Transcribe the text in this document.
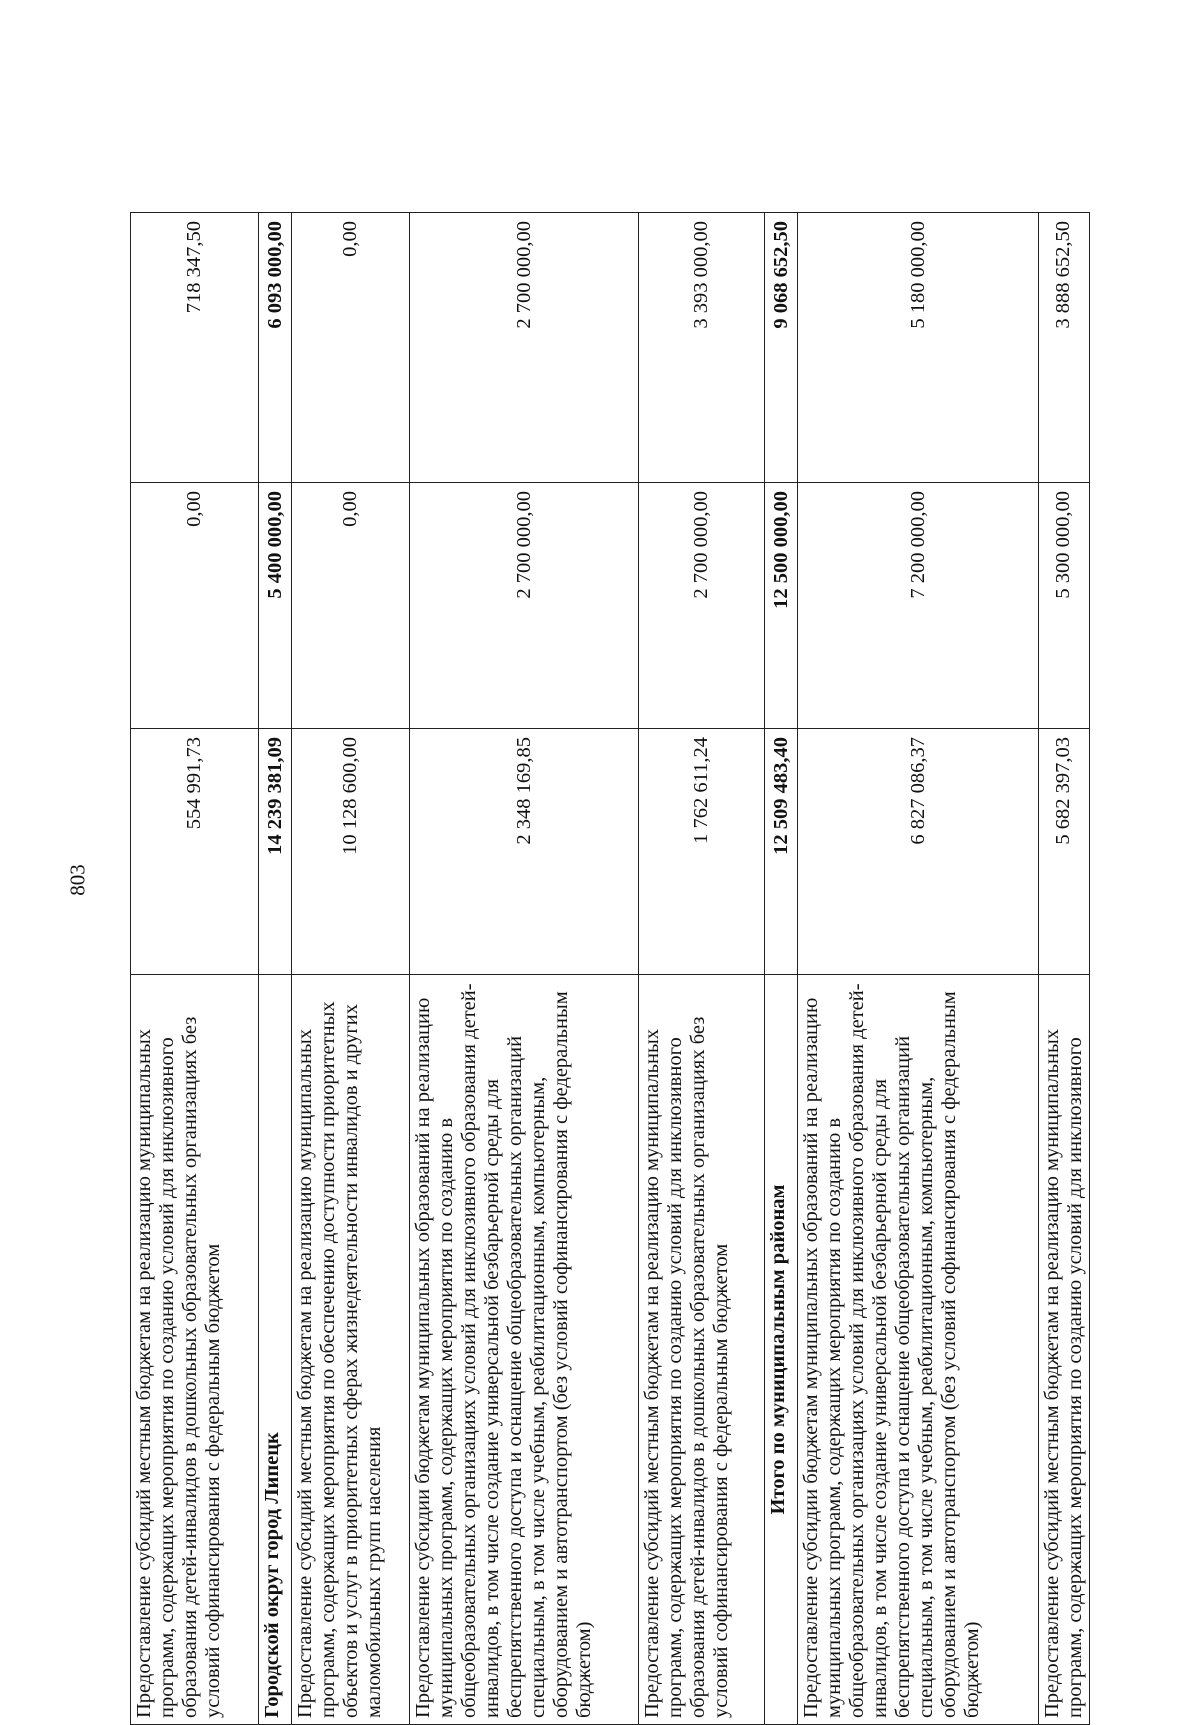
803
Предоставление субсидий местным бюджетам на реализацию муниципальных программ, содержащих мероприятия по созданию условий для инклюзивного образования детей-инвалидов в дошкольных образовательных организациях без условий софинансирования с федеральным бюджетом	554 991,73	0,00	718 347,50
Городской округ город Липецк	14 239 381,09	5 400 000,00	6 093 000,00
Предоставление субсидий местным бюджетам на реализацию муниципальных программ, содержащих мероприятия по обеспечению доступности приоритетных объектов и услуг в приоритетных сферах жизнедеятельности инвалидов и других маломобильных групп населения	10 128 600,00	0,00	0,00
Предоставление субсидии бюджетам муниципальных образований на реализацию муниципальных программ, содержащих мероприятия по созданию в общеобразовательных организациях условий для инклюзивного образования детей-инвалидов, в том числе создание универсальной безбарьерной среды для беспрепятственного доступа и оснащение общеобразовательных организаций специальным, в том числе учебным, реабилитационным, компьютерным, оборудованием и автотранспортом (без условий софинансирования с федеральным бюджетом)	2 348 169,85	2 700 000,00	2 700 000,00
Предоставление субсидий местным бюджетам на реализацию муниципальных программ, содержащих мероприятия по созданию условий для инклюзивного образования детей-инвалидов в дошкольных образовательных организациях без условий софинансирования с федеральным бюджетом	1 762 611,24	2 700 000,00	3 393 000,00
Итого по муниципальным районам	12 509 483,40	12 500 000,00	9 068 652,50
Предоставление субсидии бюджетам муниципальных образований на реализацию муниципальных программ, содержащих мероприятия по созданию в общеобразовательных организациях условий для инклюзивного образования детей-инвалидов, в том числе создание универсальной безбарьерной среды для беспрепятственного доступа и оснащение общеобразовательных организаций специальным, в том числе учебным, реабилитационным, компьютерным, оборудованием и автотранспортом (без условий софинансирования с федеральным бюджетом)	6 827 086,37	7 200 000,00	5 180 000,00
Предоставление субсидий местным бюджетам на реализацию муниципальных программ, содержащих мероприятия по созданию условий для инклюзивного	5 682 397,03	5 300 000,00	3 888 652,50
